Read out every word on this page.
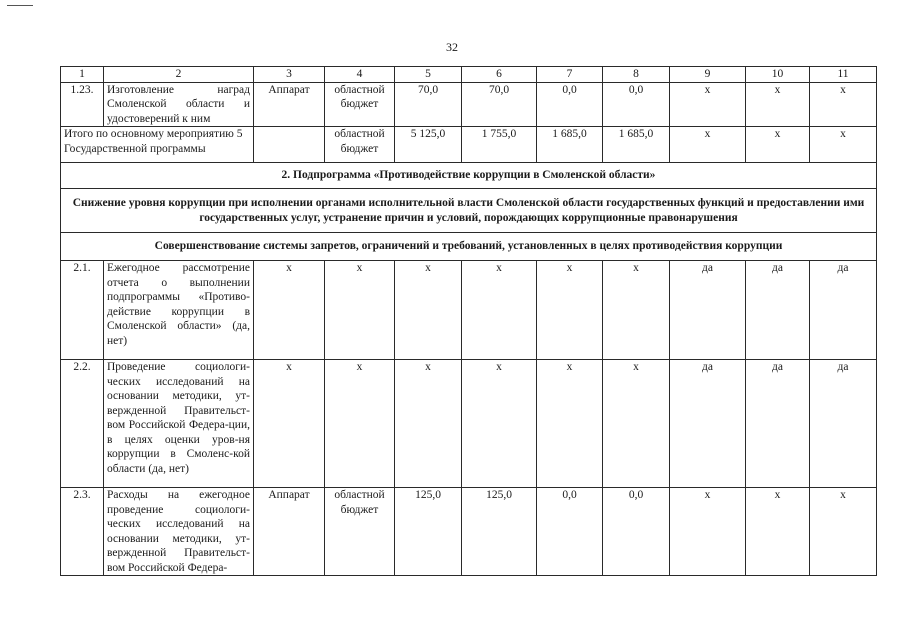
32
1	2	3	4	5	6	7	8	9	10	11
1.23.	Изготовление наград Смоленской области и удостоверений к ним	Аппарат	областной бюджет	70,0	70,0	0,0	0,0	х	х	х
Итого по основному мероприятию 5 Государственной программы			областной бюджет	5 125,0	1 755,0	1 685,0	1 685,0	х	х	х
2. Подпрограмма «Противодействие коррупции в Смоленской области»										
Снижение уровня коррупции при исполнении органами исполнительной власти Смоленской области государственных функций и предоставлении ими государственных услуг, устранение причин и условий, порождающих коррупционные правонарушения										
Совершенствование системы запретов, ограничений и требований, установленных в целях противодействия коррупции										
2.1.	Ежегодное рассмотрение отчета о выполнении подпрограммы «Противо-действие коррупции в Смоленской области» (да, нет)	х	х	х	х	х	х	да	да	да
2.2.	Проведение социологи-ческих исследований на основании методики, ут-вержденной Правительст-вом Российской Федера-ции, в целях оценки уров-ня коррупции в Смоленс-кой области (да, нет)	х	х	х	х	х	х	да	да	да
2.3.	Расходы на ежегодное проведение социологи-ческих исследований на основании методики, ут-вержденной Правительст-вом Российской Федера-	Аппарат	областной бюджет	125,0	125,0	0,0	0,0	х	х	х
